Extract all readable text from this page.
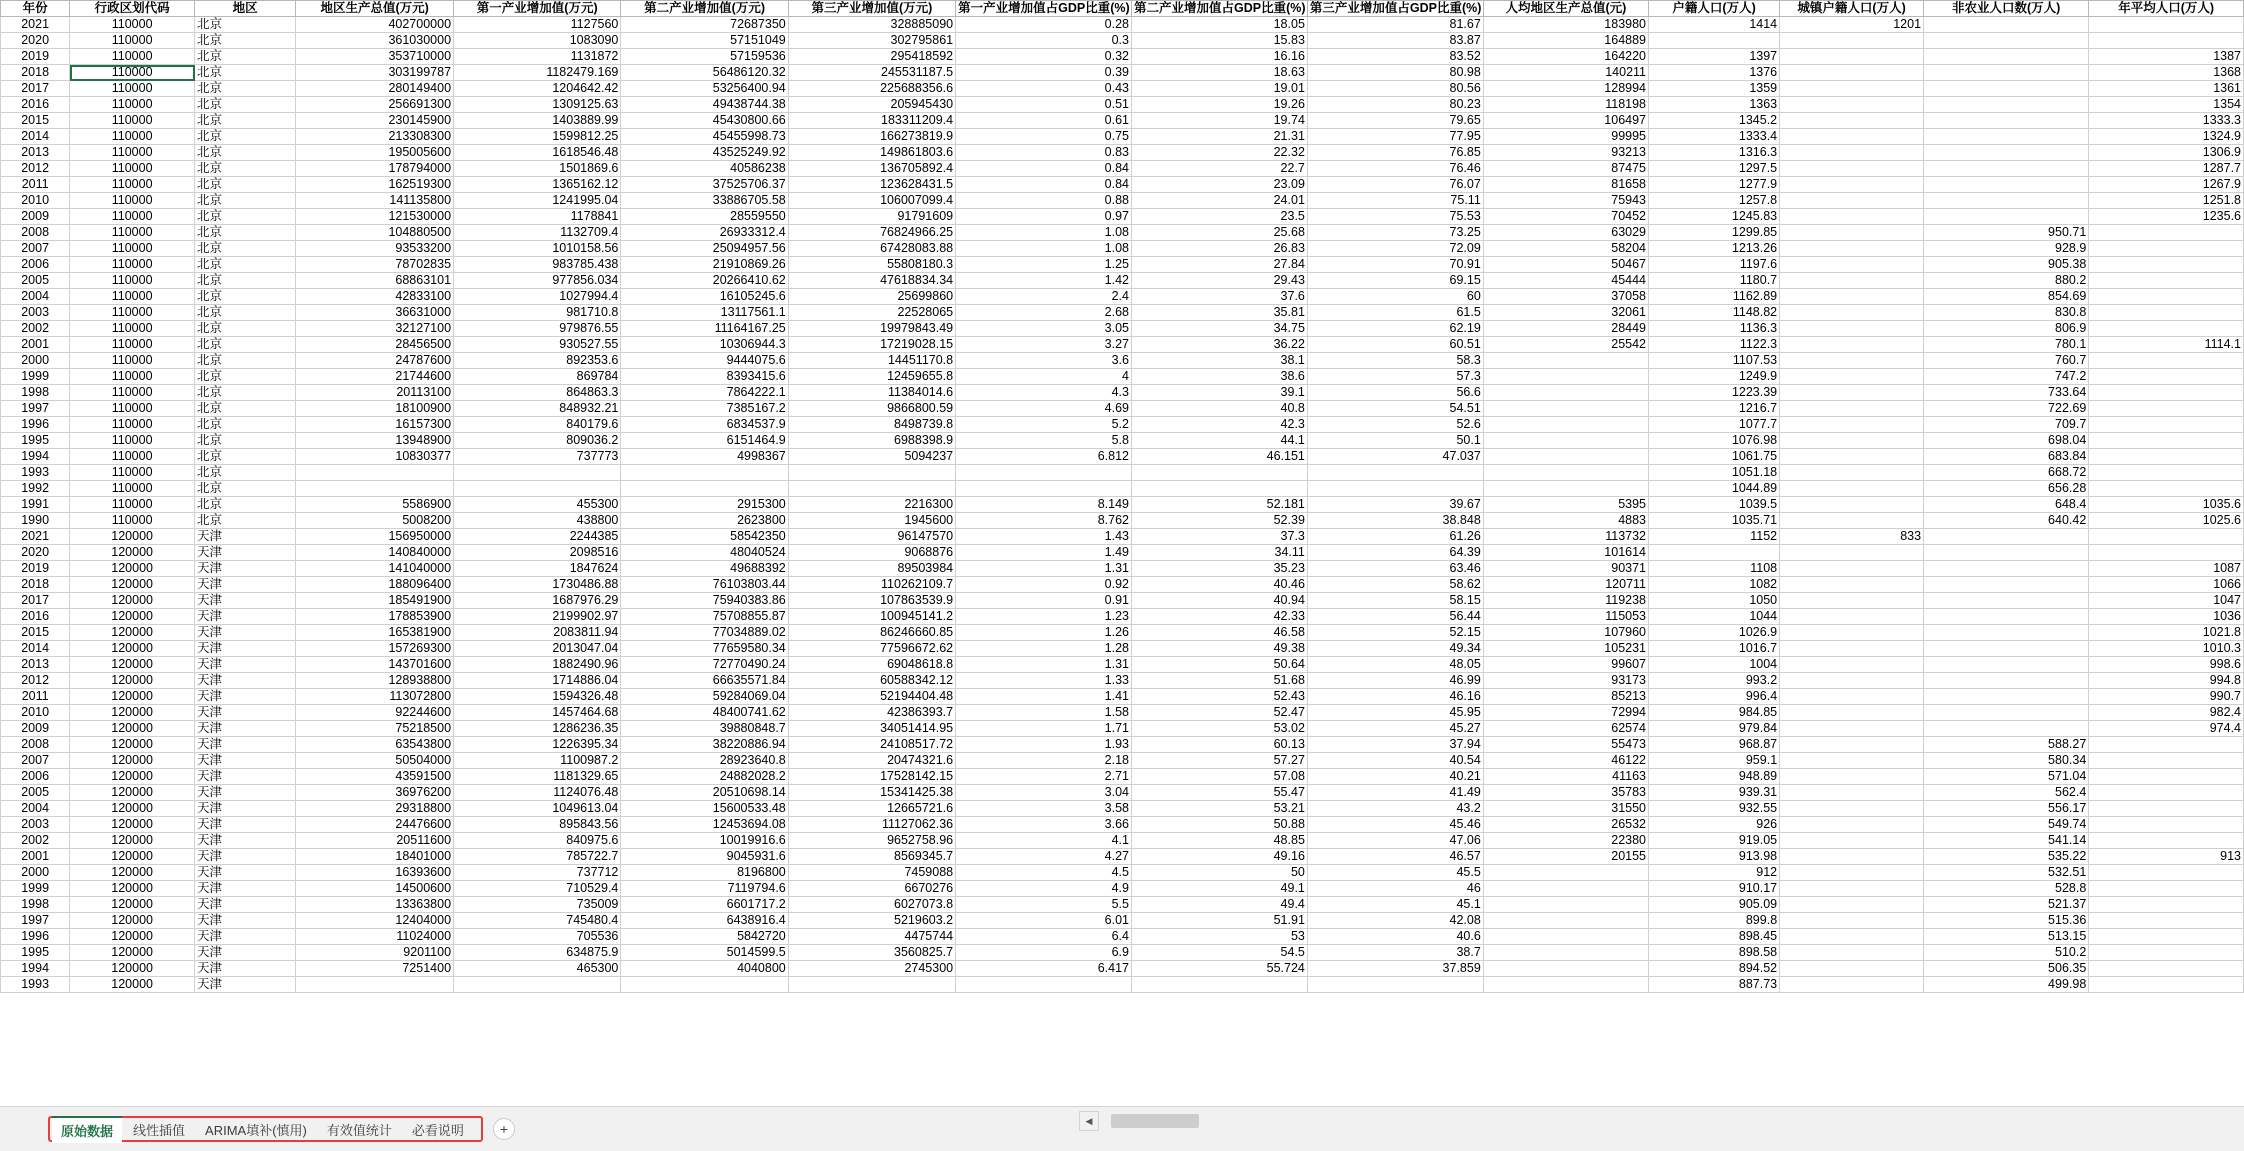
年份	行政区划代码	地区	地区生产总值(万元)	第一产业增加值(万元)	第二产业增加值(万元)	第三产业增加值(万元)	第一产业增加值占GDP比重(%)	第二产业增加值占GDP比重(%)	第三产业增加值占GDP比重(%)	人均地区生产总值(元)	户籍人口(万人)	城镇户籍人口(万人)	非农业人口数(万人)	年平均人口(万人)
2021	110000	北京	402700000	1127560	72687350	328885090	0.28	18.05	81.67	183980	1414	1201		
2020	110000	北京	361030000	1083090	57151049	302795861	0.3	15.83	83.87	164889				
2019	110000	北京	353710000	1131872	57159536	295418592	0.32	16.16	83.52	164220	1397			1387
2018	110000	北京	303199787	1182479.169	56486120.32	245531187.5	0.39	18.63	80.98	140211	1376			1368
2017	110000	北京	280149400	1204642.42	53256400.94	225688356.6	0.43	19.01	80.56	128994	1359			1361
2016	110000	北京	256691300	1309125.63	49438744.38	205945430	0.51	19.26	80.23	118198	1363			1354
2015	110000	北京	230145900	1403889.99	45430800.66	183311209.4	0.61	19.74	79.65	106497	1345.2			1333.3
2014	110000	北京	213308300	1599812.25	45455998.73	166273819.9	0.75	21.31	77.95	99995	1333.4			1324.9
2013	110000	北京	195005600	1618546.48	43525249.92	149861803.6	0.83	22.32	76.85	93213	1316.3			1306.9
2012	110000	北京	178794000	1501869.6	40586238	136705892.4	0.84	22.7	76.46	87475	1297.5			1287.7
2011	110000	北京	162519300	1365162.12	37525706.37	123628431.5	0.84	23.09	76.07	81658	1277.9			1267.9
2010	110000	北京	141135800	1241995.04	33886705.58	106007099.4	0.88	24.01	75.11	75943	1257.8			1251.8
2009	110000	北京	121530000	1178841	28559550	91791609	0.97	23.5	75.53	70452	1245.83			1235.6
2008	110000	北京	104880500	1132709.4	26933312.4	76824966.25	1.08	25.68	73.25	63029	1299.85		950.71	
2007	110000	北京	93533200	1010158.56	25094957.56	67428083.88	1.08	26.83	72.09	58204	1213.26		928.9	
2006	110000	北京	78702835	983785.438	21910869.26	55808180.3	1.25	27.84	70.91	50467	1197.6		905.38	
2005	110000	北京	68863101	977856.034	20266410.62	47618834.34	1.42	29.43	69.15	45444	1180.7		880.2	
2004	110000	北京	42833100	1027994.4	16105245.6	25699860	2.4	37.6	60	37058	1162.89		854.69	
2003	110000	北京	36631000	981710.8	13117561.1	22528065	2.68	35.81	61.5	32061	1148.82		830.8	
2002	110000	北京	32127100	979876.55	11164167.25	19979843.49	3.05	34.75	62.19	28449	1136.3		806.9	
2001	110000	北京	28456500	930527.55	10306944.3	17219028.15	3.27	36.22	60.51	25542	1122.3		780.1	1114.1
2000	110000	北京	24787600	892353.6	9444075.6	14451170.8	3.6	38.1	58.3		1107.53		760.7	
1999	110000	北京	21744600	869784	8393415.6	12459655.8	4	38.6	57.3		1249.9		747.2	
1998	110000	北京	20113100	864863.3	7864222.1	11384014.6	4.3	39.1	56.6		1223.39		733.64	
1997	110000	北京	18100900	848932.21	7385167.2	9866800.59	4.69	40.8	54.51		1216.7		722.69	
1996	110000	北京	16157300	840179.6	6834537.9	8498739.8	5.2	42.3	52.6		1077.7		709.7	
1995	110000	北京	13948900	809036.2	6151464.9	6988398.9	5.8	44.1	50.1		1076.98		698.04	
1994	110000	北京	10830377	737773	4998367	5094237	6.812	46.151	47.037		1061.75		683.84	
1993	110000	北京									1051.18		668.72	
1992	110000	北京									1044.89		656.28	
1991	110000	北京	5586900	455300	2915300	2216300	8.149	52.181	39.67	5395	1039.5		648.4	1035.6
1990	110000	北京	5008200	438800	2623800	1945600	8.762	52.39	38.848	4883	1035.71		640.42	1025.6
2021	120000	天津	156950000	2244385	58542350	96147570	1.43	37.3	61.26	113732	1152	833		
2020	120000	天津	140840000	2098516	48040524	9068876	1.49	34.11	64.39	101614				
2019	120000	天津	141040000	1847624	49688392	89503984	1.31	35.23	63.46	90371	1108			1087
2018	120000	天津	188096400	1730486.88	76103803.44	110262109.7	0.92	40.46	58.62	120711	1082			1066
2017	120000	天津	185491900	1687976.29	75940383.86	107863539.9	0.91	40.94	58.15	119238	1050			1047
2016	120000	天津	178853900	2199902.97	75708855.87	100945141.2	1.23	42.33	56.44	115053	1044			1036
2015	120000	天津	165381900	2083811.94	77034889.02	86246660.85	1.26	46.58	52.15	107960	1026.9			1021.8
2014	120000	天津	157269300	2013047.04	77659580.34	77596672.62	1.28	49.38	49.34	105231	1016.7			1010.3
2013	120000	天津	143701600	1882490.96	72770490.24	69048618.8	1.31	50.64	48.05	99607	1004			998.6
2012	120000	天津	128938800	1714886.04	66635571.84	60588342.12	1.33	51.68	46.99	93173	993.2			994.8
2011	120000	天津	113072800	1594326.48	59284069.04	52194404.48	1.41	52.43	46.16	85213	996.4			990.7
2010	120000	天津	92244600	1457464.68	48400741.62	42386393.7	1.58	52.47	45.95	72994	984.85			982.4
2009	120000	天津	75218500	1286236.35	39880848.7	34051414.95	1.71	53.02	45.27	62574	979.84			974.4
2008	120000	天津	63543800	1226395.34	38220886.94	24108517.72	1.93	60.13	37.94	55473	968.87		588.27	
2007	120000	天津	50504000	1100987.2	28923640.8	20474321.6	2.18	57.27	40.54	46122	959.1		580.34	
2006	120000	天津	43591500	1181329.65	24882028.2	17528142.15	2.71	57.08	40.21	41163	948.89		571.04	
2005	120000	天津	36976200	1124076.48	20510698.14	15341425.38	3.04	55.47	41.49	35783	939.31		562.4	
2004	120000	天津	29318800	1049613.04	15600533.48	12665721.6	3.58	53.21	43.2	31550	932.55		556.17	
2003	120000	天津	24476600	895843.56	12453694.08	11127062.36	3.66	50.88	45.46	26532	926		549.74	
2002	120000	天津	20511600	840975.6	10019916.6	9652758.96	4.1	48.85	47.06	22380	919.05		541.14	
2001	120000	天津	18401000	785722.7	9045931.6	8569345.7	4.27	49.16	46.57	20155	913.98		535.22	913
2000	120000	天津	16393600	737712	8196800	7459088	4.5	50	45.5		912		532.51	
1999	120000	天津	14500600	710529.4	7119794.6	6670276	4.9	49.1	46		910.17		528.8	
1998	120000	天津	13363800	735009	6601717.2	6027073.8	5.5	49.4	45.1		905.09		521.37	
1997	120000	天津	12404000	745480.4	6438916.4	5219603.2	6.01	51.91	42.08		899.8		515.36	
1996	120000	天津	11024000	705536	5842720	4475744	6.4	53	40.6		898.45		513.15	
1995	120000	天津	9201100	634875.9	5014599.5	3560825.7	6.9	54.5	38.7		898.58		510.2	
1994	120000	天津	7251400	465300	4040800	2745300	6.417	55.724	37.859		894.52		506.35	
1993	120000	天津									887.73		499.98	
原始数据	线性插值	ARIMA填补(慎用)	有效值统计	必看说明	+
◀
